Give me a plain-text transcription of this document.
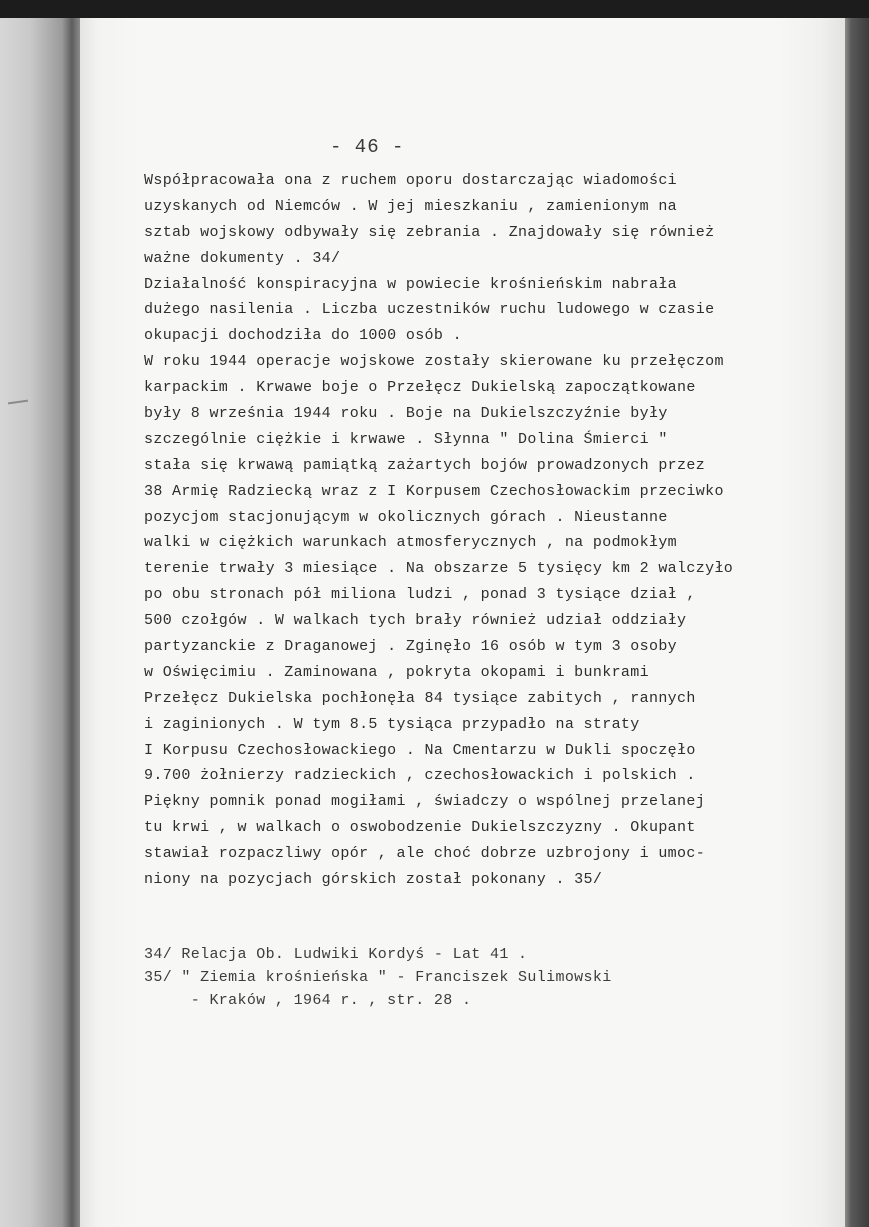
- 46 -
Współpracowała ona z ruchem oporu dostarczając wiadomości
uzyskanych od Niemców . W jej mieszkaniu , zamienionym na
sztab wojskowy odbywały się zebrania . Znajdowały się również
ważne dokumenty . 34/
Działalność konspiracyjna w powiecie krośnieńskim nabrała
dużego nasilenia . Liczba uczestników ruchu ludowego w czasie
okupacji dochodziła do 1000 osób .
W roku 1944 operacje wojskowe zostały skierowane ku przełęczom
karpackim . Krwawe boje o Przełęcz Dukielską zapoczątkowane
były 8 września 1944 roku . Boje na Dukielszczyźnie były
szczególnie ciężkie i krwawe . Słynna " Dolina Śmierci "
stała się krwawą pamiątką zażartych bojów prowadzonych przez
38 Armię Radziecką wraz z I Korpusem Czechosłowackim przeciwko
pozycjom stacjonującym w okolicznych górach . Nieustanne
walki w ciężkich warunkach atmosferycznych , na podmokłym
terenie trwały 3 miesiące . Na obszarze 5 tysięcy km 2 walczyło
po obu stronach pół miliona ludzi , ponad 3 tysiące dział ,
500 czołgów . W walkach tych brały również udział oddziały
partyzanckie z Draganowej . Zginęło 16 osób w tym 3 osoby
w Oświęcimiu . Zaminowana , pokryta okopami i bunkrami
Przełęcz Dukielska pochłonęła 84 tysiące zabitych , rannych
i zaginionych . W tym 8.5 tysiąca przypadło na straty
I Korpusu Czechosłowackiego . Na Cmentarzu w Dukli spoczęło
9.700 żołnierzy radzieckich , czechosłowackich i polskich .
Piękny pomnik ponad mogiłami , świadczy o wspólnej przelanej
tu krwi , w walkach o oswobodzenie Dukielszczyzny . Okupant
stawiał rozpaczliwy opór , ale choć dobrze uzbrojony i umoc-
niony na pozycjach górskich został pokonany . 35/
34/ Relacja Ob. Ludwiki Kordyś - Lat 41 .
35/ " Ziemia krośnieńska " - Franciszek Sulimowski
- Kraków , 1964 r. , str. 28 .
